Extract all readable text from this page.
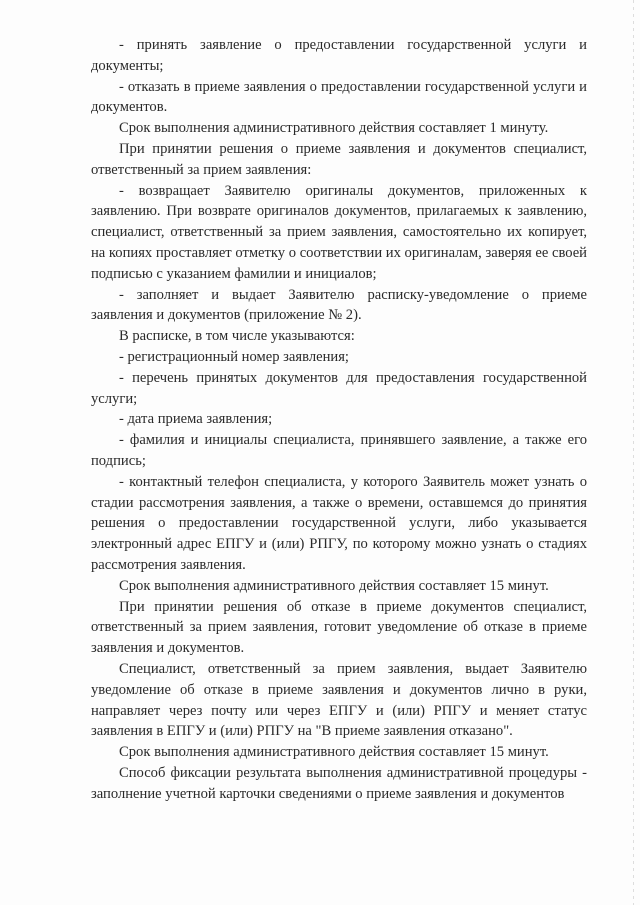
- принять заявление о предоставлении государственной услуги и документы;

- отказать в приеме заявления о предоставлении государственной услуги и документов.

Срок выполнения административного действия составляет 1 минуту.

При принятии решения о приеме заявления и документов специалист, ответственный за прием заявления:

- возвращает Заявителю оригиналы документов, приложенных к заявлению. При возврате оригиналов документов, прилагаемых к заявлению, специалист, ответственный за прием заявления, самостоятельно их копирует, на копиях проставляет отметку о соответствии их оригиналам, заверяя ее своей подписью с указанием фамилии и инициалов;

- заполняет и выдает Заявителю расписку-уведомление о приеме заявления и документов (приложение № 2).

В расписке, в том числе указываются:

- регистрационный номер заявления;

- перечень принятых документов для предоставления государственной услуги;

- дата приема заявления;

- фамилия и инициалы специалиста, принявшего заявление, а также его подпись;

- контактный телефон специалиста, у которого Заявитель может узнать о стадии рассмотрения заявления, а также о времени, оставшемся до принятия решения о предоставлении государственной услуги, либо указывается электронный адрес ЕПГУ и (или) РПГУ, по которому можно узнать о стадиях рассмотрения заявления.

Срок выполнения административного действия составляет 15 минут.

При принятии решения об отказе в приеме документов специалист, ответственный за прием заявления, готовит уведомление об отказе в приеме заявления и документов.

Специалист, ответственный за прием заявления, выдает Заявителю уведомление об отказе в приеме заявления и документов лично в руки, направляет через почту или через ЕПГУ и (или) РПГУ и меняет статус заявления в ЕПГУ и (или) РПГУ на "В приеме заявления отказано".

Срок выполнения административного действия составляет 15 минут.

Способ фиксации результата выполнения административной процедуры - заполнение учетной карточки сведениями о приеме заявления и документов
